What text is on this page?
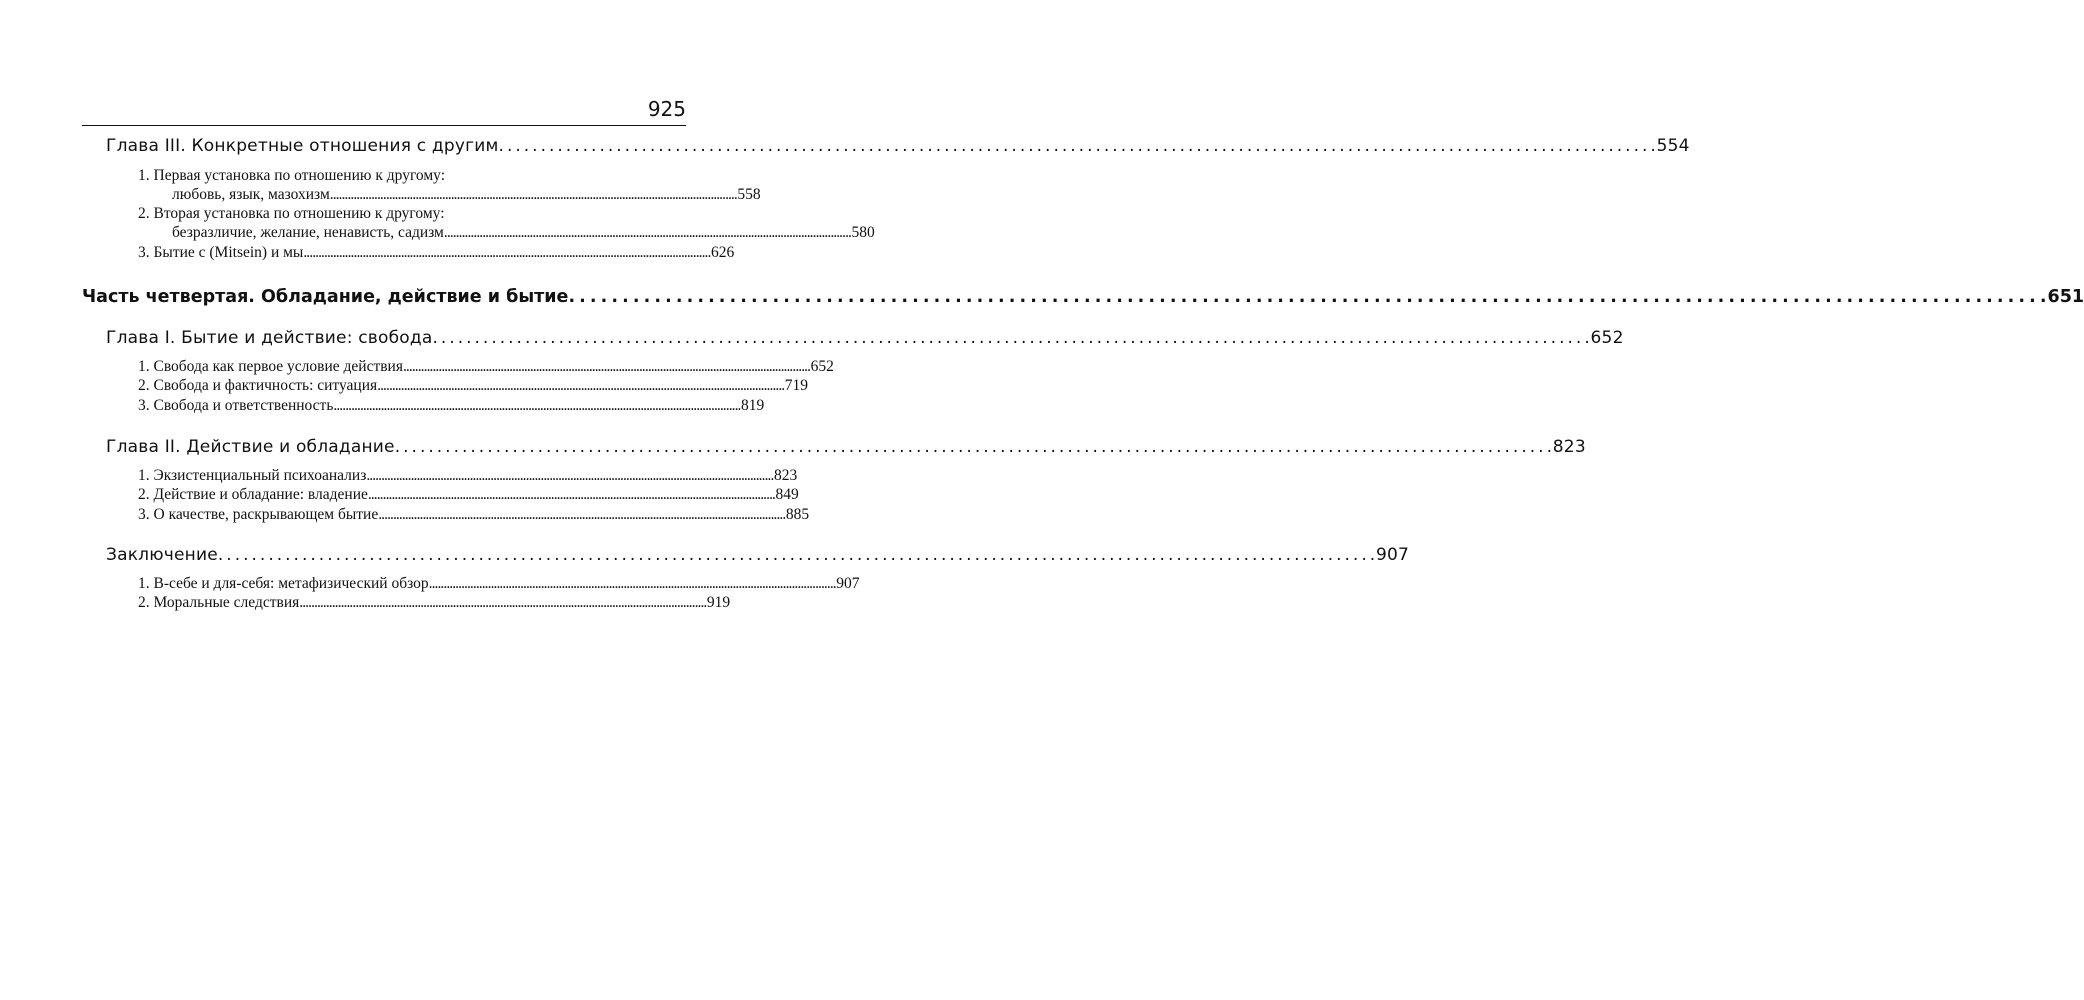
925
Глава III. Конкретные отношения с другим . . .	554
1. Первая установка по отношению к другому:
любовь, язык, мазохизм . . .	558
2. Вторая установка по отношению к другому:
безразличие, желание, ненависть, садизм . . .	580
3. Бытие с (Mitsein) и мы . . .	626
Часть четвертая. Обладание, действие и бытие . . .	651
Глава I. Бытие и действие: свобода . . .	652
1. Свобода как первое условие действия . . .	652
2. Свобода и фактичность: ситуация . . .	719
3. Свобода и ответственность . . .	819
Глава II. Действие и обладание . . .	823
1. Экзистенциальный психоанализ . . .	823
2. Действие и обладание: владение . . .	849
3. О качестве, раскрывающем бытие . . .	885
Заключение . . .	907
1. В-себе и для-себя: метафизический обзор . . .	907
2. Моральные следствия . . .	919
